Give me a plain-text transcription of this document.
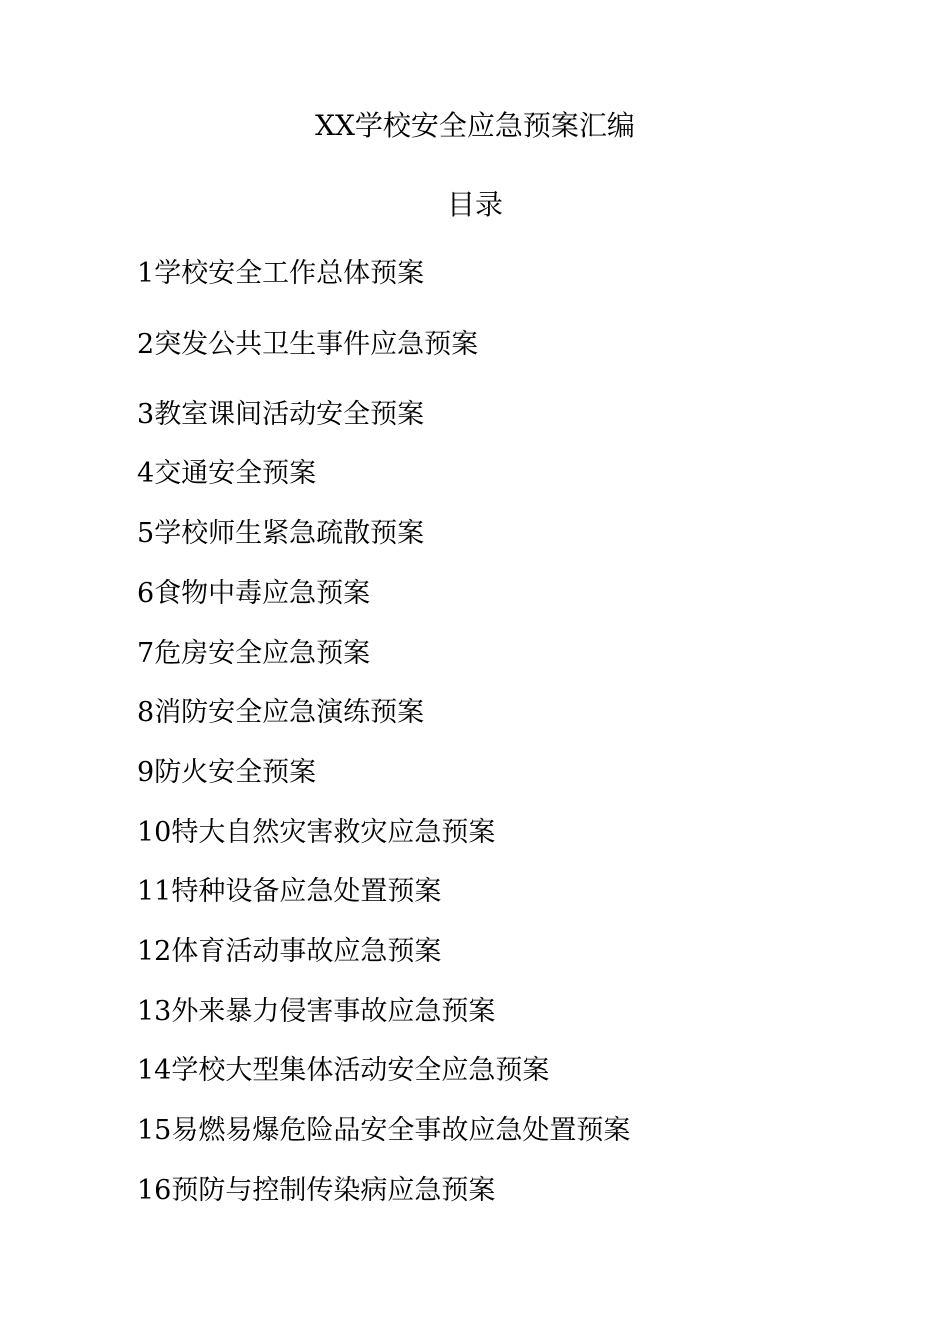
XX学校安全应急预案汇编
目录
1学校安全工作总体预案
2突发公共卫生事件应急预案
3教室课间活动安全预案
4交通安全预案
5学校师生紧急疏散预案
6食物中毒应急预案
7危房安全应急预案
8消防安全应急演练预案
9防火安全预案
10特大自然灾害救灾应急预案
11特种设备应急处置预案
12体育活动事故应急预案
13外来暴力侵害事故应急预案
14学校大型集体活动安全应急预案
15易燃易爆危险品安全事故应急处置预案
16预防与控制传染病应急预案
